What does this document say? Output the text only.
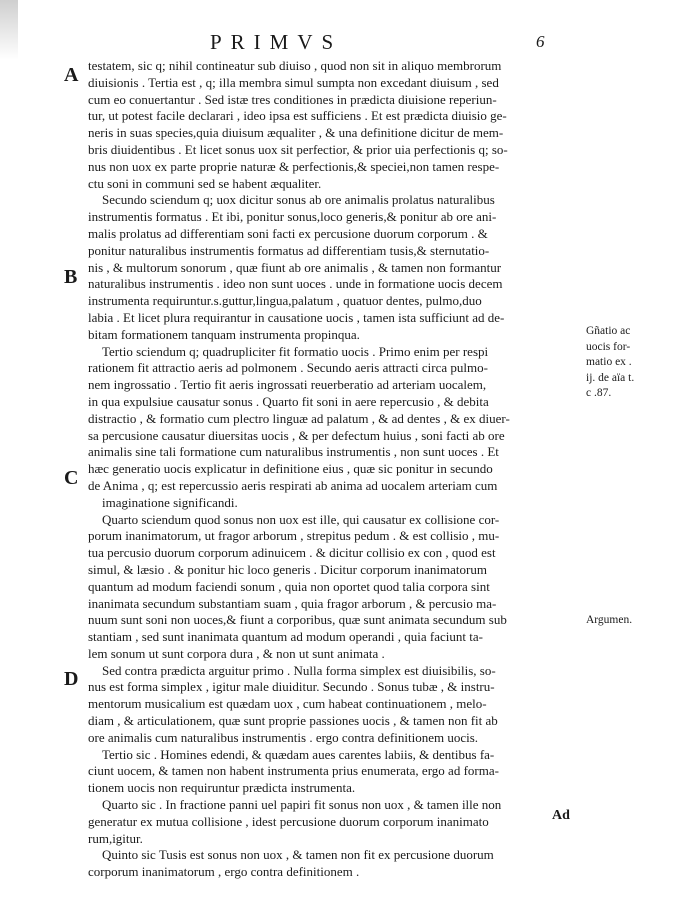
PRIMVS	6
A
B
C
D
testatem, sic q; nihil contineatur sub diuiso , quod non sit in aliquo membrorum
diuisionis . Tertia est , q; illa membra simul sumpta non excedant diuisum , sed
cum eo conuertantur . Sed istæ tres conditiones in prædicta diuisione reperiun-
tur, ut potest facile declarari , ideo ipsa est sufficiens . Et est prædicta diuisio ge-
neris in suas species,quia diuisum æqualiter , & una definitione dicitur de mem-
bris diuidentibus . Et licet sonus uox sit perfectior, & prior uia perfectionis q; so-
nus non uox ex parte proprie naturæ & perfectionis,& speciei,non tamen respe-
ctu soni in communi sed se habent æqualiter.
Secundo sciendum q; uox dicitur sonus ab ore animalis prolatus naturalibus
instrumentis formatus . Et ibi, ponitur sonus,loco generis,& ponitur ab ore ani-
malis prolatus ad differentiam soni facti ex percusione duorum corporum . &
ponitur naturalibus instrumentis formatus ad differentiam tusis,& sternutatio-
nis , & multorum sonorum , quæ fiunt ab ore animalis , & tamen non formantur
naturalibus instrumentis . ideo non sunt uoces . unde in formatione uocis decem
instrumenta requiruntur.s.guttur,lingua,palatum , quatuor dentes, pulmo,duo
labia . Et licet plura requirantur in causatione uocis , tamen ista sufficiunt ad de-
bitam formationem tanquam instrumenta propinqua.
Tertio sciendum q; quadrupliciter fit formatio uocis . Primo enim per respi
rationem fit attractio aeris ad polmonem . Secundo aeris attracti circa pulmo-
nem ingrossatio . Tertio fit aeris ingrossati reuerberatio ad arteriam uocalem,
in qua expulsiue causatur sonus . Quarto fit soni in aere repercusio , & debita
distractio , & formatio cum plectro linguæ ad palatum , & ad dentes , & ex diuer-
sa percusione causatur diuersitas uocis , & per defectum huius , soni facti ab ore
animalis sine tali formatione cum naturalibus instrumentis , non sunt uoces . Et
hæc generatio uocis explicatur in definitione eius , quæ sic ponitur in secundo
de Anima , q; est repercussio aeris respirati ab anima ad uocalem arteriam cum
imaginatione significandi.
Quarto sciendum quod sonus non uox est ille, qui causatur ex collisione cor-
porum inanimatorum, ut fragor arborum , strepitus pedum . & est collisio , mu-
tua percusio duorum corporum adinuicem . & dicitur collisio ex con , quod est
simul, & læsio . & ponitur hic loco generis . Dicitur corporum inanimatorum
quantum ad modum faciendi sonum , quia non oportet quod talia corpora sint
inanimata secundum substantiam suam , quia fragor arborum , & percusio ma-
nuum sunt soni non uoces,& fiunt a corporibus, quæ sunt animata secundum sub
stantiam , sed sunt inanimata quantum ad modum operandi , quia faciunt ta-
lem sonum ut sunt corpora dura , & non ut sunt animata .
Sed contra prædicta arguitur primo . Nulla forma simplex est diuisibilis, so-
nus est forma simplex , igitur male diuiditur. Secundo . Sonus tubæ , & instru-
mentorum musicalium est quædam uox , cum habeat continuationem , melo-
diam , & articulationem, quæ sunt proprie passiones uocis , & tamen non fit ab
ore animalis cum naturalibus instrumentis . ergo contra definitionem uocis.
Tertio sic . Homines edendi, & quædam aues carentes labiis, & dentibus fa-
ciunt uocem, & tamen non habent instrumenta prius enumerata, ergo ad forma-
tionem uocis non requiruntur prædicta instrumenta.
Quarto sic . In fractione panni uel papiri fit sonus non uox , & tamen ille non
generatur ex mutua collisione , idest percusione duorum corporum inanimato
rum,igitur.
Quinto sic Tusis est sonus non uox , & tamen non fit ex percusione duorum
corporum inanimatorum , ergo contra definitionem .
Gñatio ac
uocis for-
matio ex .
ij. de aïa t.
c .87.
Argumen.
Ad
